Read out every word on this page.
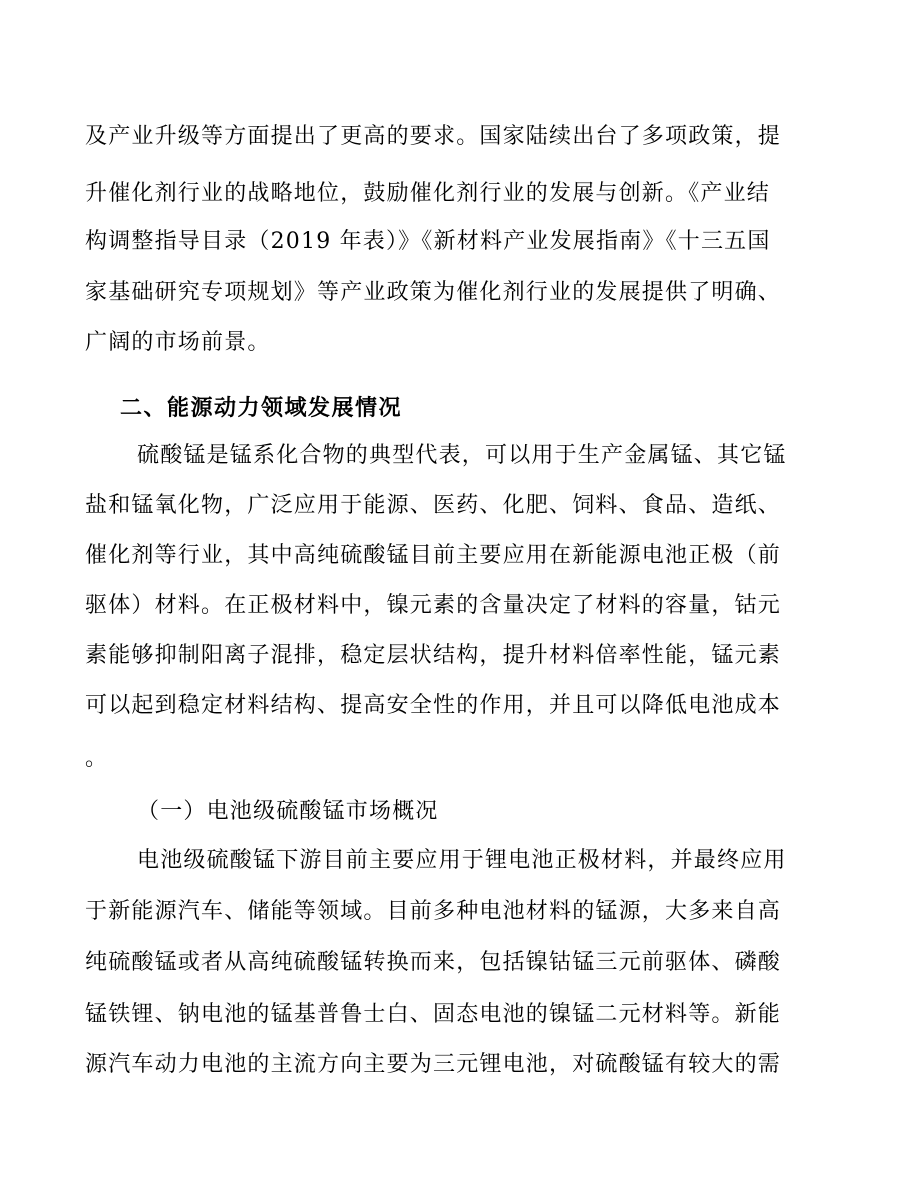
及产业升级等方面提出了更高的要求。国家陆续出台了多项政策，提
升催化剂行业的战略地位，鼓励催化剂行业的发展与创新。《产业结
构调整指导目录（2019 年表）》《新材料产业发展指南》《十三五国
家基础研究专项规划》等产业政策为催化剂行业的发展提供了明确、
广阔的市场前景。
二、能源动力领域发展情况
硫酸锰是锰系化合物的典型代表，可以用于生产金属锰、其它锰
盐和锰氧化物，广泛应用于能源、医药、化肥、饲料、食品、造纸、
催化剂等行业，其中高纯硫酸锰目前主要应用在新能源电池正极（前
驱体）材料。在正极材料中，镍元素的含量决定了材料的容量，钴元
素能够抑制阳离子混排，稳定层状结构，提升材料倍率性能，锰元素
可以起到稳定材料结构、提高安全性的作用，并且可以降低电池成本
。
（一）电池级硫酸锰市场概况
电池级硫酸锰下游目前主要应用于锂电池正极材料，并最终应用
于新能源汽车、储能等领域。目前多种电池材料的锰源，大多来自高
纯硫酸锰或者从高纯硫酸锰转换而来，包括镍钴锰三元前驱体、磷酸
锰铁锂、钠电池的锰基普鲁士白、固态电池的镍锰二元材料等。新能
源汽车动力电池的主流方向主要为三元锂电池，对硫酸锰有较大的需
